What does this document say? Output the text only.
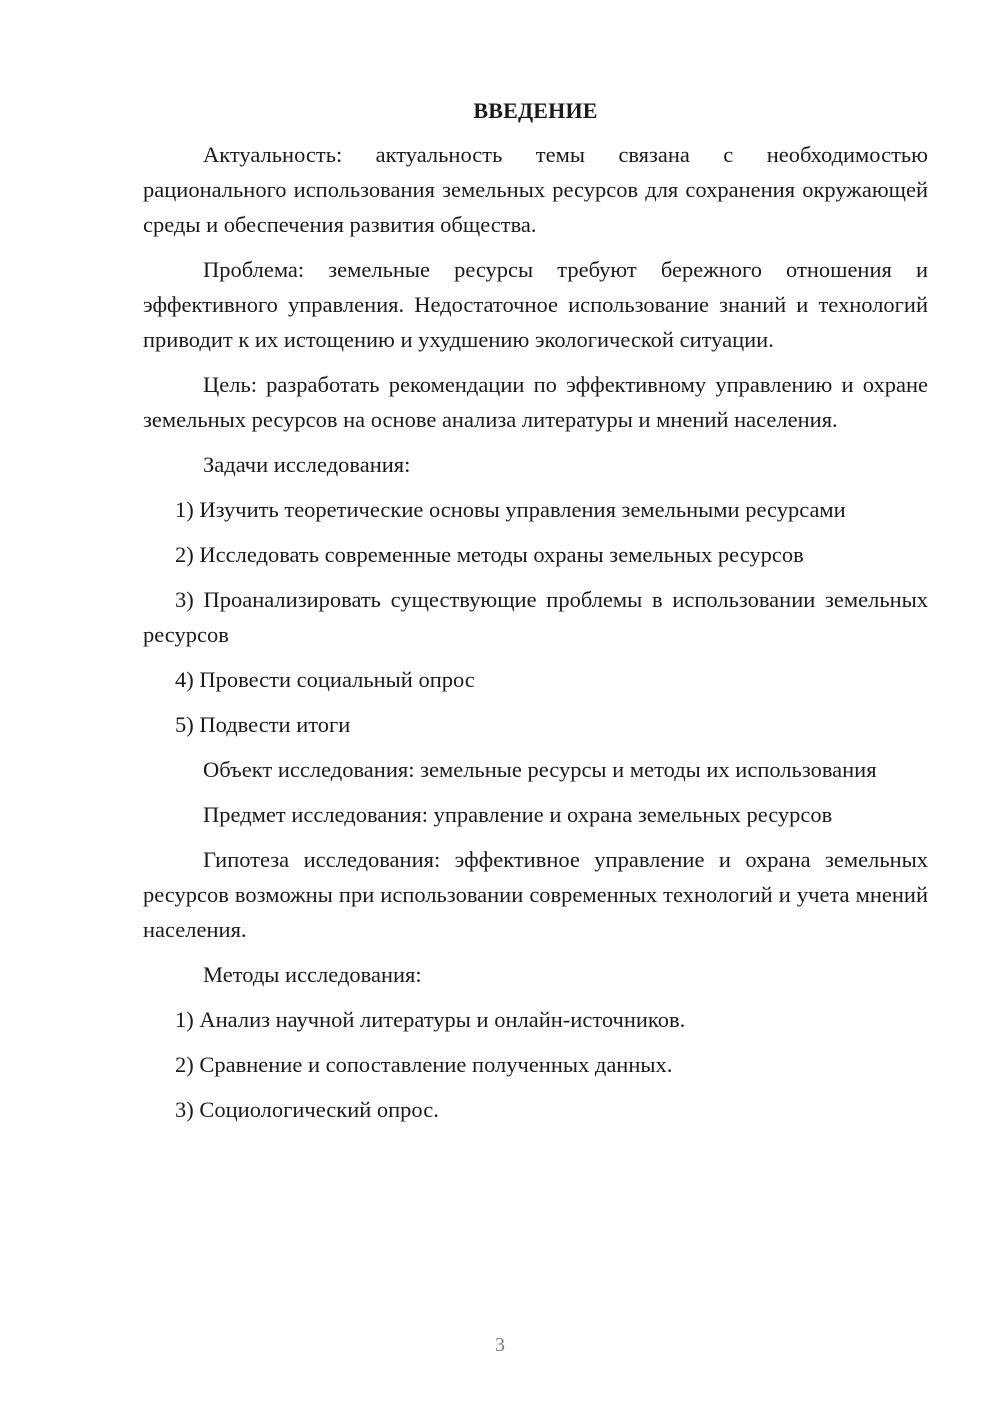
ВВЕДЕНИЕ

Актуальность: актуальность темы связана с необходимостью рационального использования земельных ресурсов для сохранения окружающей среды и обеспечения развития общества.

Проблема: земельные ресурсы требуют бережного отношения и эффективного управления. Недостаточное использование знаний и технологий приводит к их истощению и ухудшению экологической ситуации.

Цель: разработать рекомендации по эффективному управлению и охране земельных ресурсов на основе анализа литературы и мнений населения.

Задачи исследования:

1) Изучить теоретические основы управления земельными ресурсами

2) Исследовать современные методы охраны земельных ресурсов

3) Проанализировать существующие проблемы в использовании земельных ресурсов

4) Провести социальный опрос

5) Подвести итоги

Объект исследования: земельные ресурсы и методы их использования

Предмет исследования: управление и охрана земельных ресурсов

Гипотеза исследования: эффективное управление и охрана земельных ресурсов возможны при использовании современных технологий и учета мнений населения.

Методы исследования:

1) Анализ научной литературы и онлайн-источников.

2) Сравнение и сопоставление полученных данных.

3) Социологический опрос.

3
